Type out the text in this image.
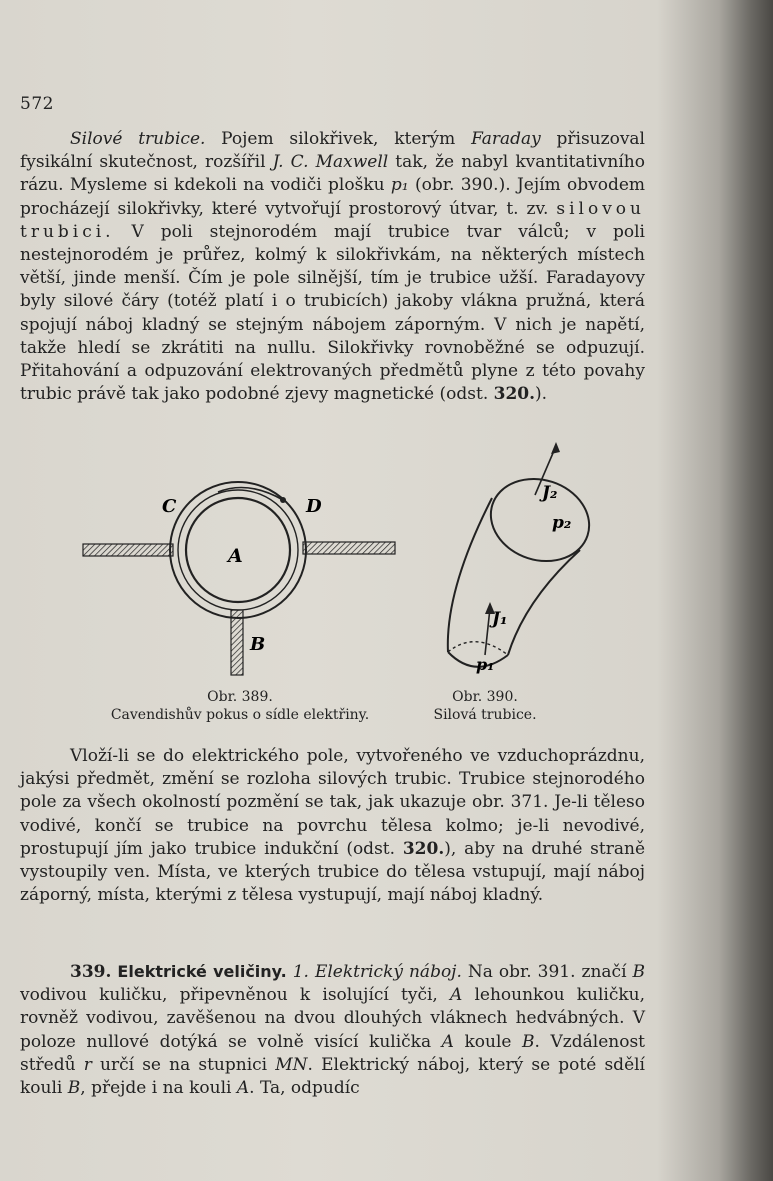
572

Silové trubice. Pojem silokřivek, kterým Faraday přisuzoval fysikální skutečnost, rozšířil J. C. Maxwell tak, že nabyl kvantitativního rázu. Mysleme si kdekoli na vodiči plošku p₁ (obr. 390.). Jejím obvodem procházejí silokřivky, které vytvořují prostorový útvar, t. zv. silovou trubici. V poli stejnorodém mají trubice tvar válců; v poli nestejnorodém je průřez, kolmý k silokřivkám, na některých místech větší, jinde menší. Čím je pole silnější, tím je trubice užší. Faradayovy byly silové čáry (totéž platí i o trubicích) jakoby vlákna pružná, která spojují náboj kladný se stejným nábojem záporným. V nich je napětí, takže hledí se zkrátiti na nullu. Silokřivky rovnoběžné se odpuzují. Přitahování a odpuzování elektrovaných předmětů plyne z této povahy trubic právě tak jako podobné zjevy magnetické (odst. 320.).

C	D
A
B
J₂
p₂
J₁
p₁
Obr. 389.
Cavendishův pokus o sídle elektřiny.
Obr. 390.
Silová trubice.

Vloží-li se do elektrického pole, vytvořeného ve vzduchoprázdnu, jakýsi předmět, změní se rozloha silových trubic. Trubice stejnorodého pole za všech okolností pozmění se tak, jak ukazuje obr. 371. Je-li těleso vodivé, končí se trubice na povrchu tělesa kolmo; je-li nevodivé, prostupují jím jako trubice indukční (odst. 320.), aby na druhé straně vystoupily ven. Místa, ve kterých trubice do tělesa vstupují, mají náboj záporný, místa, kterými z tělesa vystupují, mají náboj kladný.

339. Elektrické veličiny. 1. Elektrický náboj. Na obr. 391. značí B vodivou kuličku, připevněnou k isolující tyči, A lehounkou kuličku, rovněž vodivou, zavěšenou na dvou dlouhých vláknech hedvábných. V poloze nullové dotýká se volně visící kulička A koule B. Vzdálenost středů r určí se na stupnici MN. Elektrický náboj, který se poté sdělí kouli B, přejde i na kouli A. Ta, odpudíc
